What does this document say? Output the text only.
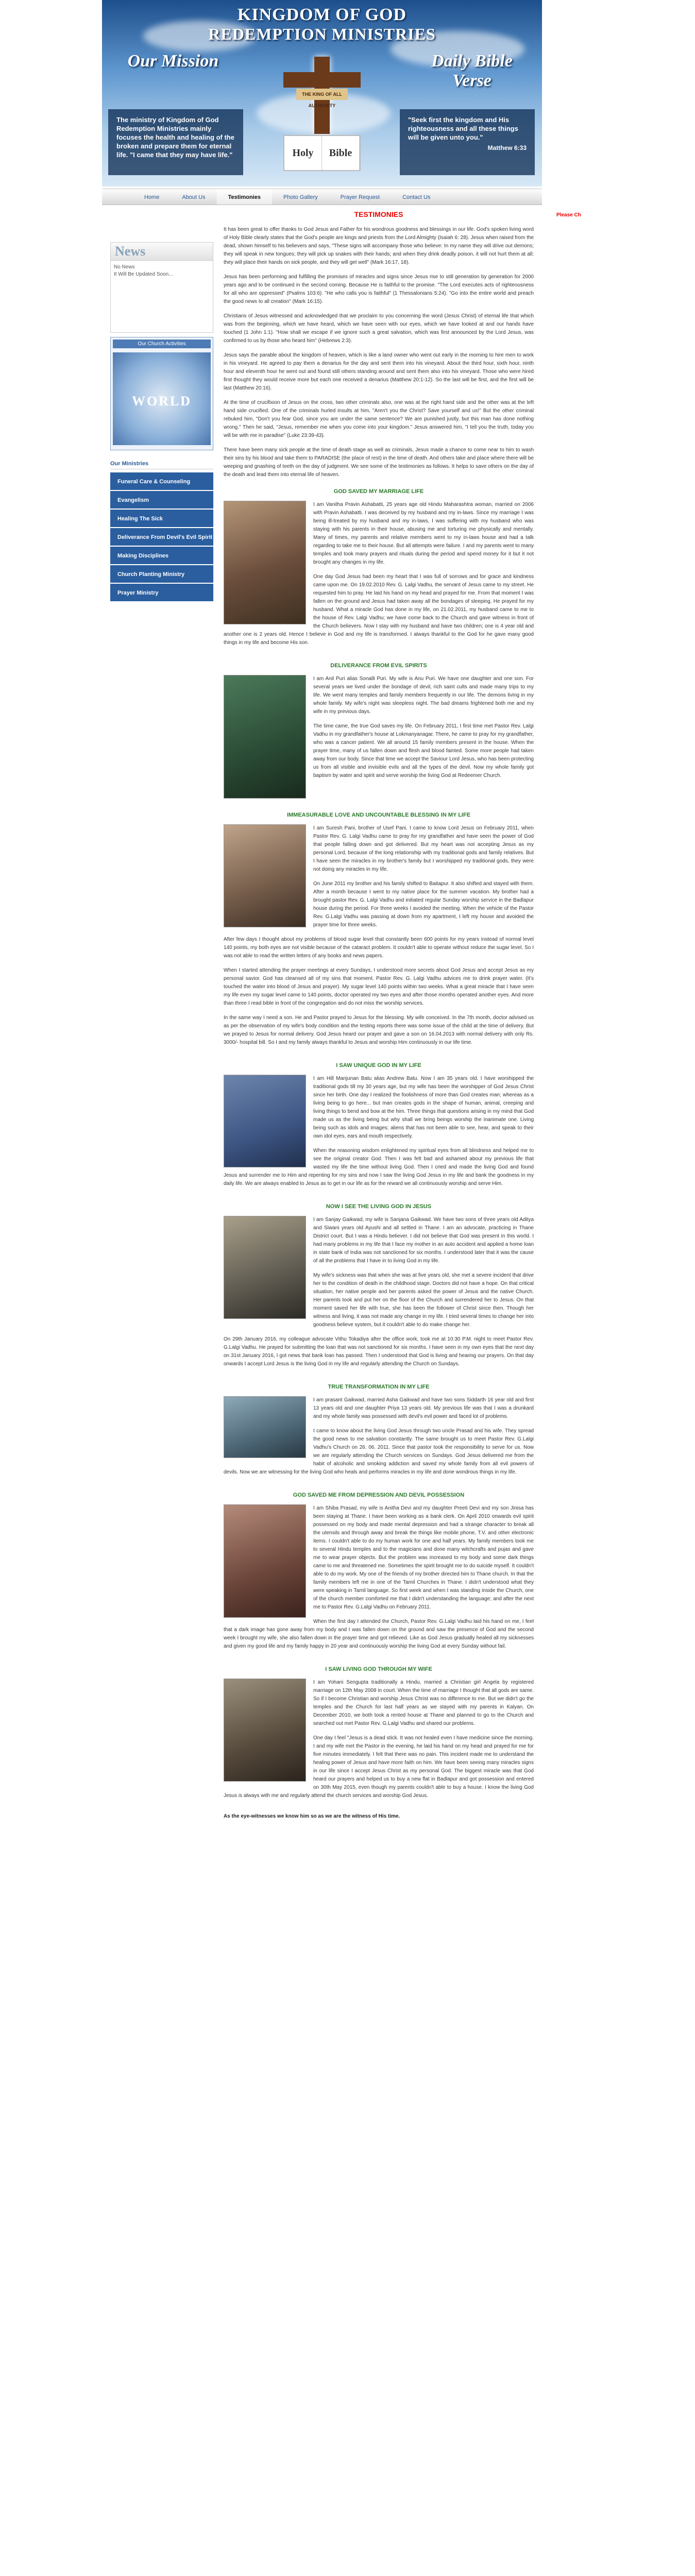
KINGDOM OF GOD
REDEMPTION MINISTRIES
Our Mission
The ministry of Kingdom of God Redemption Ministries mainly focuses the health and healing of the broken and prepare them for eternal life. "I came that they may have life."
THE KING OF ALL AUTHORITY
Holy	Bible
Daily Bible Verse
"Seek first the kingdom and His righteousness and all these things will be given unto you."
Matthew 6:33
Home	About Us	Testimonies	Photo Gallery	Prayer Request	Contact Us
News
No News
It Will Be Updated Soon...
Our Church Activities
WORLD
Our Ministries
Funeral Care & Counseling
Evangelism
Healing The Sick
Deliverance From Devil's Evil Spirit
Making Disciplines
Church Planting Ministry
Prayer Ministry
TESTIMONIES

It has been great to offer thanks to God Jesus and Father for his wondrous goodness and blessings in our life. God's spoken living word of Holy Bible clearly states that the God's people are kings and priests from the Lord Almighty (Isaiah 6: 28). Jesus when raised from the dead, shown himself to his believers and says, "These signs will accompany those who believe: In my name they will drive out demons; they will speak in new tongues; they will pick up snakes with their hands; and when they drink deadly poison, it will not hurt them at all; they will place their hands on sick people, and they will get well" (Mark 16:17, 18).

Jesus has been performing and fulfilling the promises of miracles and signs since Jesus rise to still generation by generation for 2000 years ago and to be continued in the second coming. Because He is faithful to the promise. "The Lord executes acts of righteousness for all who are oppressed" (Psalms 103:6). "He who calls you is faithful" (1 Thessalonians 5:24). "Go into the entire world and preach the good news to all creation" (Mark 16:15).

Christians of Jesus witnessed and acknowledged that we proclaim to you concerning the word (Jesus Christ) of eternal life that which was from the beginning, which we have heard, which we have seen with our eyes, which we have looked at and our hands have touched (1 John 1:1). "How shall we escape if we ignore such a great salvation, which was first announced by the Lord Jesus, was confirmed to us by those who heard him" (Hebrews 2:3).

Jesus says the parable about the kingdom of heaven, which is like a land owner who went out early in the morning to hire men to work in his vineyard. He agreed to pay them a denarius for the day and sent them into his vineyard. About the third hour, sixth hour, ninth hour and eleventh hour he went out and found still others standing around and sent them also into his vineyard. Those who were hired first thought they would receive more but each one received a denarius (Matthew 20:1-12). So the last will be first, and the first will be last (Matthew 20:16).

At the time of crucifixion of Jesus on the cross, two other criminals also, one was at the right hand side and the other was at the left hand side crucified. One of the criminals hurled insults at him, "Aren't you the Christ? Save yourself and us!" But the other criminal rebuked him, "Don't you fear God, since you are under the same sentence? We are punished justly, but this man has done nothing wrong." Then he said, "Jesus, remember me when you come into your kingdom." Jesus answered him, "I tell you the truth, today you will be with me in paradise" (Luke 23:39-43).

There have been many sick people at the time of death stage as well as criminals, Jesus made a chance to come near to him to wash their sins by his blood and take them to PARADISE (the place of rest) in the time of death. And others take and place where there will be weeping and gnashing of teeth on the day of judgment. We see some of the testimonies as follows. It helps to save others on the day of the death and lead them into eternal life of heaven.

GOD SAVED MY MARRIAGE LIFE

I am Vanitha Pravin Ashabatti, 25 years age old Hindu Maharashtra woman, married on 2006 with Pravin Ashabatti. I was deceived by my husband and my in-laws. Since my marriage I was being ill-treated by my husband and my in-laws, I was suffering with my husband who was staying with his parents in their house, abusing me and torturing me physically and mentally. Many of times, my parents and relative members went to my in-laws house and had a talk regarding to take me to their house. But all attempts were failure. I and my parents went to many temples and took many prayers and rituals during the period and spend money for it but it not brought any changes in my life.

One day God Jesus had been my heart that I was full of sorrows and for grace and kindness came upon me. On 19.02.2010 Rev. G. Lalgi Vadhu, the servant of Jesus came to my street. He requested him to pray. He laid his hand on my head and prayed for me. From that moment I was fallen on the ground and Jesus had taken away all the bondages of sleeping. He prayed for my husband. What a miracle God has done in my life, on 21.02.2011, my husband came to me to the house of Rev. Lalgi Vadhu; we have come back to the Church and gave witness in front of the Church believers. Now I stay with my husband and have two children; one is 4 year old and another one is 2 years old. Hence I believe in God and my life is transformed. I always thankful to the God for he gave many good things in my life and become His son.

DELIVERANCE FROM EVIL SPIRITS

I am Anil Puri alias Sonalli Puri. My wife is Anu Puri. We have one daughter and one son. For several years we lived under the bondage of devil, rich saint cults and made many trips to my life. We went many temples and family members frequently in our life. The demons living in my whole family. My wife's night was sleepless night. The bad dreams frightened both me and my wife in my previous days.

The time came, the true God saves my life. On February 2011, I first time met Pastor Rev. Lalgi Vadhu in my grandfather's house at Lokmanyanagar. There, he came to pray for my grandfather, who was a cancer patient. We all around 15 family members present in the house. When the prayer time, many of us fallen down and flesh and blood fainted. Some more people had taken away from our body. Since that time we accept the Saviour Lord Jesus, who has been protecting us from all visible and invisible evils and all the types of the devil. Now my whole family got baptism by water and spirit and serve worship the living God at Redeemer Church.

IMMEASURABLE LOVE AND UNCOUNTABLE BLESSING IN MY LIFE

I am Suresh Pani, brother of Usef Pani. I came to know Lord Jesus on February 2011, when Pastor Rev. G. Lalgi Vadhu came to pray for my grandfather and have seen the power of God that people falling down and got delivered. But my heart was not accepting Jesus as my personal Lord, because of the long relationship with my traditional gods and family relatives. But I have seen the miracles in my brother's family but I worshipped my traditional gods, they were not doing any miracles in my life.

On June 2011 my brother and his family shifted to Baitapur. It also shifted and stayed with them. After a month because I went to my native place for the summer vacation. My brother had a brought pastor Rev. G. Lalgi Vadhu and initiated regular Sunday worship service in the Badlapur house during the period. For three weeks I avoided the meeting. When the vehicle of the Pastor Rev. G.Lalgi Vadhu was passing at down from my apartment, I left my house and avoided the prayer time for three weeks.

After few days I thought about my problems of blood sugar level that constantly been 600 points for my years instead of normal level 140 points, my both eyes are not visible because of the cataract problem. It couldn't able to operate without reduce the sugar level. So I was not able to read the written letters of any books and news papers.

When I started attending the prayer meetings at every Sundays, I understood more secrets about God Jesus and accept Jesus as my personal savior. God has cleansed all of my sins that moment. Pastor Rev. G. Lalgi Vadhu advices me to drink prayer water. (It's touched the water into blood of Jesus and prayer). My sugar level 140 points within two weeks. What a great miracle that I have seen my life even my sugar level came to 140 points, doctor operated my two eyes and after those months operated another eyes. And more than three I read bible in front of the congregation and do not miss the worship services.

In the same way I need a son. He and Pastor prayed to Jesus for the blessing. My wife conceived. In the 7th month, doctor advised us as per the observation of my wife's body condition and the testing reports there was some issue of the child at the time of delivery. But we prayed to Jesus for normal delivery. God Jesus heard our prayer and gave a son on 16.04.2013 with normal delivery with only Rs. 3000/- hospital bill. So I and my family always thankful to Jesus and worship Him continuously in our life time.

I SAW UNIQUE GOD IN MY LIFE

I am Hill Manjunan Batu alias Andrew Batu. Now I am 35 years old. I have worshipped the traditional gods till my 30 years age, but my wife has been the worshipper of God Jesus Christ since her birth. One day I realized the foolishness of more than God creates man; whereas as a living being to go here... but man creates gods in the shape of human, animal, creeping and living things to bend and bow at the him. Three things that questions arising in my mind that God made us as the living being but why shall we bring beings worship the inanimate one. Living being such as idols and images; aliens that has not been able to see, hear, and speak to their own idol eyes, ears and mouth respectively.

When the reasoning wisdom enlightened my spiritual eyes from all blindness and helped me to see the original creator God. Then I was felt bad and ashamed about my previous life that wasted my life the time without living God. Then I cried and made the living God and found Jesus and surrender me to Him and repenting for my sins and now I saw the living God Jesus in my life and bank the goodness in my daily life. We are always enabled to Jesus as to get in our life as for the reward we all continuously worship and serve Him.

NOW I SEE THE LIVING GOD IN JESUS

I am Sanjay Gaikwad, my wife is Sanjana Gaikwad. We have two sons of three years old Aditya and Siwani years old Ayushi and all settled in Thane. I am an advocate, practicing in Thane District court. But I was a Hindu believer. I did not believe that God was present in this world. I had many problems in my life that I face my mother in an auto accident and applied a home loan in state bank of India was not sanctioned for six months. I understood later that it was the cause of all the problems that I have in to living God in my life.

My wife's sickness was that when she was at five years old, she met a severe incident that drive her to the condition of death in the childhood stage. Doctors did not have a hope. On that critical situation, her native people and her parents asked the power of Jesus and the native Church. Her parents took and put her on the floor of the Church and surrendered her to Jesus. On that moment saved her life with true, she has been the follower of Christ since then. Though her witness and living, it was not made any change in my life. I tried several times to change her into goodness believe system, but it couldn't able to do make change her.

On 29th January 2016, my colleague advocate Vithu Tokadiya after the office work, took me at 10:30 P.M. night to meet Pastor Rev. G.Lalgi Vadhu. He prayed for submitting the loan that was not sanctioned for six months. I have seen in my own eyes that the next day on 31st January 2016, I got news that bank loan has passed. Then I understood that God is living and hearing our prayers. On that day onwards I accept Lord Jesus is the living God in my life and regularly attending the Church on Sundays.

TRUE TRANSFORMATION IN MY LIFE

I am prasant Gaikwad, married Asha Gaikwad and have two sons Siddarth 16 year old and first 13 years old and one daughter Priya 13 years old. My previous life was that I was a drunkard and my whole family was possessed with devil's evil power and faced lot of problems.

I came to know about the living God Jesus through two uncle Prasad and his wife. They spread the good news to me salvation constantly. The same brought us to meet Pastor Rev. G.Lalgi Vadhu's Church on 26. 06. 2011. Since that pastor took the responsibility to serve for us. Now we are regularly attending the Church services on Sundays. God Jesus delivered me from the habit of alcoholic and smoking addiction and saved my whole family from all evil powers of devils. Now we are witnessing for the living God who heals and performs miracles in my life and done wondrous things in my life.

GOD SAVED ME FROM DEPRESSION AND DEVIL POSSESSION

I am Shiba Prasad, my wife is Anitha Devi and my daughter Preeti Devi and my son Jinisa has been staying at Thane. I have been working as a bank clerk. On April 2010 onwards evil spirit possessed on my body and made mental depression and had a strange character to break all the utensils and through away and break the things like mobile phone, T.V. and other electronic items. I couldn't able to do my human work for one and half years. My family members took me to several Hindu temples and to the magicians and done many witchcrafts and pujas and gave me to wear prayer objects. But the problem was increased to my body and some dark things came to me and threatened me. Sometimes the spirit brought me to do suicide myself. It couldn't able to do my work. My one of the friends of my brother directed him to Thane church. In that the family members left me in one of the Tamil Churches in Thane. I didn't understood what they were speaking in Tamil language. So first week and when I was standing inside the Church, one of the church member comforted me that I didn't understanding the language; and after the next me to Pastor Rev. G.Lalgi Vadhu on February 2011.

When the first day I attended the Church, Pastor Rev. G.Lalgi Vadhu laid his hand on me, I feel that a dark image has gone away from my body and I was fallen down on the ground and saw the presence of God and the second week I brought my wife, she also fallen down in the prayer time and got relieved. Like as God Jesus gradually healed all my sicknesses and given my good life and my family happy in 20 year and continuously worship the living God at every Sunday without fail.

I SAW LIVING GOD THROUGH MY WIFE

I am Yohani Sengupta traditionally a Hindu, married a Christian girl Angela by registered marriage on 12th May 2008 in court. When the time of marriage I thought that all gods are same. So if I become Christian and worship Jesus Christ was no difference to me. But we didn't go the temples and the Church for last half years as we stayed with my parents in Kalyan. On December 2010, we both took a rented house at Thane and planned to go to the Church and searched out met Pastor Rev. G.Lalgi Vadhu and shared our problems.

One day I feel "Jesus is a dead stick. It was not healed even I have medicine since the morning. I and my wife met the Pastor in the evening, he laid his hand on my head and prayed for me for five minutes immediately. I felt that there was no pain. This incident made me to understand the healing power of Jesus and have more faith on him. We have been seeing many miracles signs in our life since I accept Jesus Christ as my personal God. The biggest miracle was that God heard our prayers and helped us to buy a new flat in Badlapur and got possession and entered on 30th May 2015, even though my parents couldn't able to buy a house. I know the living God Jesus is always with me and regularly attend the church services and worship God Jesus.

As the eye-witnesses we know him so as we are the witness of His time.
Please Ch
